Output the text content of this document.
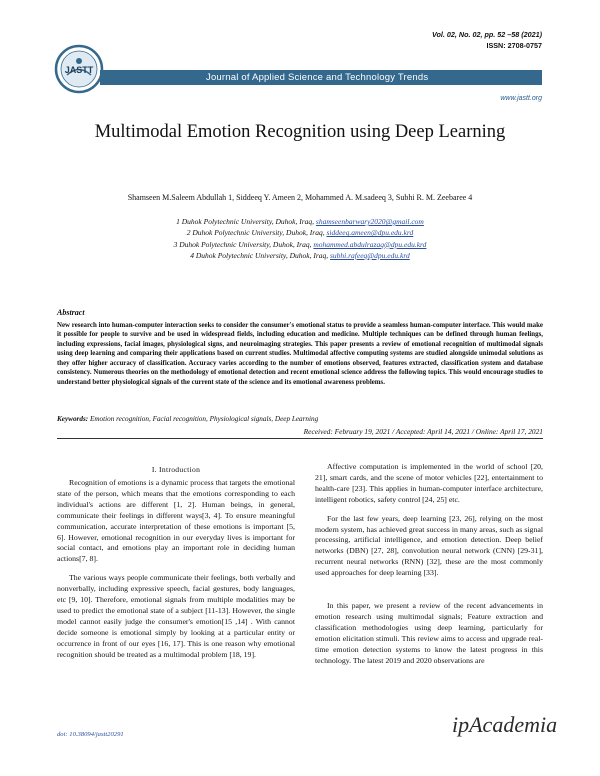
Vol. 02, No. 02, pp. 52 –58 (2021)
ISSN: 2708-0757
JASTT
Journal of Applied Science and Technology Trends
www.jastt.org
Multimodal Emotion Recognition using Deep Learning
Shamseen M.Saleem Abdullah 1, Siddeeq Y. Ameen 2, Mohammed A. M.sadeeq 3, Subhi R. M. Zeebaree 4
1 Duhok Polytechnic University, Duhok, Iraq, shamseenbarwary2020@gmail.com
2 Duhok Polytechnic University, Duhok, Iraq, siddeeq.ameen@dpu.edu.krd
3 Duhok Polytechnic University, Duhok, Iraq, mohammed.abdulrazaq@dpu.edu.krd
4 Duhok Polytechnic University, Duhok, Iraq, subhi.rafeeq@dpu.edu.krd
Abstract
New research into human-computer interaction seeks to consider the consumer's emotional status to provide a seamless human-computer interface. This would make it possible for people to survive and be used in widespread fields, including education and medicine. Multiple techniques can be defined through human feelings, including expressions, facial images, physiological signs, and neuroimaging strategies. This paper presents a review of emotional recognition of multimodal signals using deep learning and comparing their applications based on current studies. Multimodal affective computing systems are studied alongside unimodal solutions as they offer higher accuracy of classification. Accuracy varies according to the number of emotions observed, features extracted, classification system and database consistency. Numerous theories on the methodology of emotional detection and recent emotional science address the following topics. This would encourage studies to understand better physiological signals of the current state of the science and its emotional awareness problems.
Keywords: Emotion recognition, Facial recognition, Physiological signals, Deep Learning
Received: February 19, 2021 / Accepted: April 14, 2021 / Online: April 17, 2021
I. Introduction

Recognition of emotions is a dynamic process that targets the emotional state of the person, which means that the emotions corresponding to each individual's actions are different [1, 2]. Human beings, in general, communicate their feelings in different ways[3, 4]. To ensure meaningful communication, accurate interpretation of these emotions is important [5, 6]. However, emotional recognition in our everyday lives is important for social contact, and emotions play an important role in deciding human actions[7, 8].

The various ways people communicate their feelings, both verbally and nonverbally, including expressive speech, facial gestures, body languages, etc [9, 10]. Therefore, emotional signals from multiple modalities may be used to predict the emotional state of a subject [11-13]. However, the single model cannot easily judge the consumer's emotion[15 ,14] . With cannot decide someone is emotional simply by looking at a particular entity or occurrence in front of our eyes [16, 17]. This is one reason why emotional recognition should be treated as a multimodal problem [18, 19].

Affective computation is implemented in the world of school [20, 21], smart cards, and the scene of motor vehicles [22], entertainment to health-care [23]. This applies in human-computer interface architecture, intelligent robotics, safety control [24, 25] etc.

For the last few years, deep learning [23, 26], relying on the most modern system, has achieved great success in many areas, such as signal processing, artificial intelligence, and emotion detection. Deep belief networks (DBN) [27, 28], convolution neural network (CNN) [29-31], recurrent neural networks (RNN) [32], these are the most commonly used approaches for deep learning [33].

In this paper, we present a review of the recent advancements in emotion research using multimodal signals; Feature extraction and classification methodologies using deep learning, particularly for emotion elicitation stimuli. This review aims to access and upgrade real-time emotion detection systems to know the latest progress in this technology. The latest 2019 and 2020 observations are

doi: 10.38094/jastt20291	ipAcademia
